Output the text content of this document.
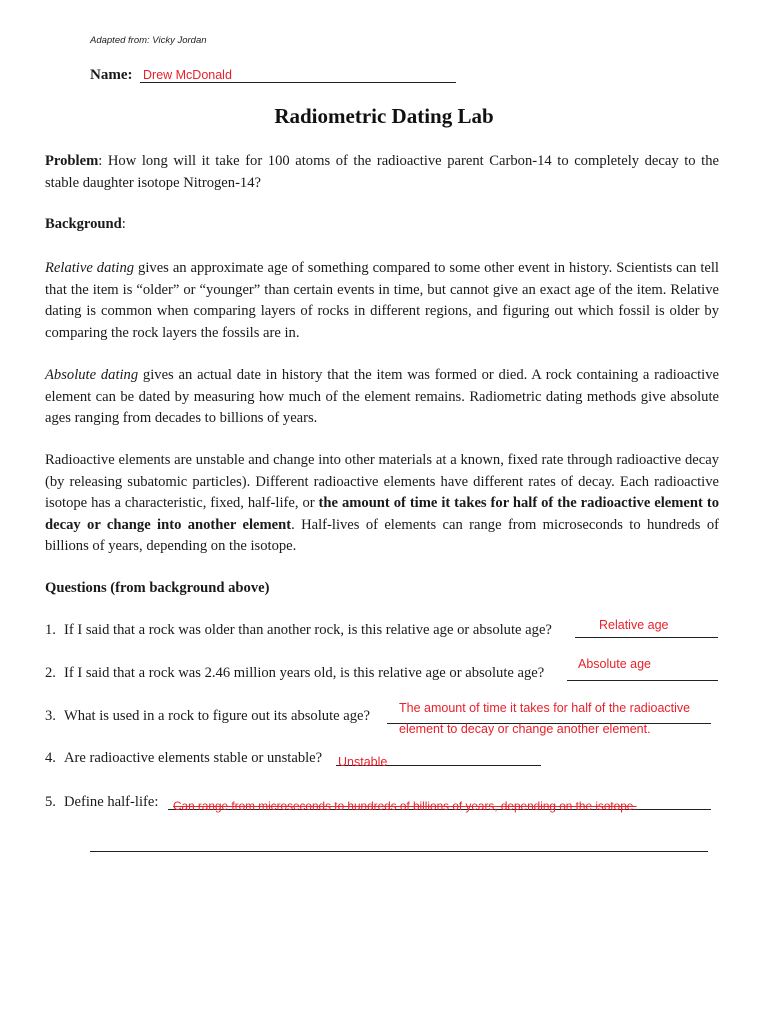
Adapted from: Vicky Jordan
Name: Drew McDonald
Radiometric Dating Lab
Problem: How long will it take for 100 atoms of the radioactive parent Carbon-14 to completely decay to the stable daughter isotope Nitrogen-14?
Background:
Relative dating gives an approximate age of something compared to some other event in history. Scientists can tell that the item is “older” or “younger” than certain events in time, but cannot give an exact age of the item. Relative dating is common when comparing layers of rocks in different regions, and figuring out which fossil is older by comparing the rock layers the fossils are in.
Absolute dating gives an actual date in history that the item was formed or died. A rock containing a radioactive element can be dated by measuring how much of the element remains. Radiometric dating methods give absolute ages ranging from decades to billions of years.
Radioactive elements are unstable and change into other materials at a known, fixed rate through radioactive decay (by releasing subatomic particles). Different radioactive elements have different rates of decay. Each radioactive isotope has a characteristic, fixed, half-life, or the amount of time it takes for half of the radioactive element to decay or change into another element. Half-lives of elements can range from microseconds to hundreds of billions of years, depending on the isotope.
Questions (from background above)
1. If I said that a rock was older than another rock, is this relative age or absolute age?	Relative age
2. If I said that a rock was 2.46 million years old, is this relative age or absolute age?
Absolute age
3. What is used in a rock to figure out its absolute age? The amount of time it takes for half of the radioactive
element to decay or change another element.
4. Are radioactive elements stable or unstable? Unstable
5. Define half-life: Can range from microseconds to hundreds of billions of years, depending on the isotope.
